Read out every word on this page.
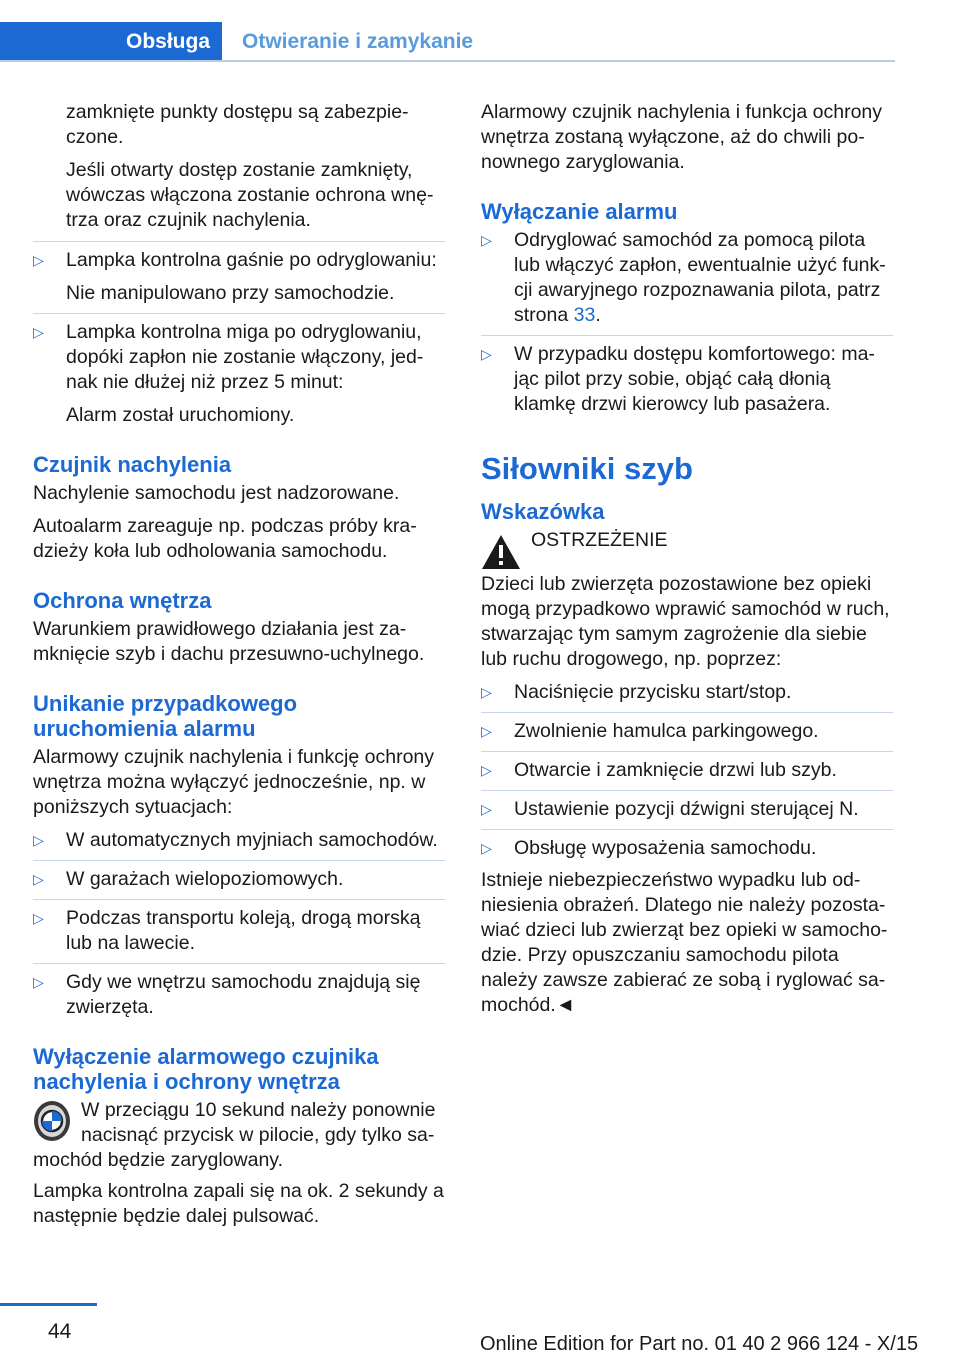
Obsługa	Otwieranie i zamykanie

zamknięte punkty dostępu są zabezpieczone.

Jeśli otwarty dostęp zostanie zamknięty, wówczas włączona zostanie ochrona wnętrza oraz czujnik nachylenia.

▷ Lampka kontrolna gaśnie po odryglowaniu:
Nie manipulowano przy samochodzie.
▷ Lampka kontrolna miga po odryglowaniu, dopóki zapłon nie zostanie włączony, jednak nie dłużej niż przez 5 minut:
Alarm został uruchomiony.
Czujnik nachylenia

Nachylenie samochodu jest nadzorowane.

Autoalarm zareaguje np. podczas próby kradzieży koła lub odholowania samochodu.

Ochrona wnętrza

Warunkiem prawidłowego działania jest zamknięcie szyb i dachu przesuwno-uchylnego.

Unikanie przypadkowego uruchomienia alarmu

Alarmowy czujnik nachylenia i funkcję ochrony wnętrza można wyłączyć jednocześnie, np. w poniższych sytuacjach:

▷ W automatycznych myjniach samochodów.
▷ W garażach wielopoziomowych.
▷ Podczas transportu koleją, drogą morską lub na lawecie.
▷ Gdy we wnętrzu samochodu znajdują się zwierzęta.
Wyłączenie alarmowego czujnika nachylenia i ochrony wnętrza
W przeciągu 10 sekund należy ponownie nacisnąć przycisk w pilocie, gdy tylko samochód będzie zaryglowany.

Lampka kontrolna zapali się na ok. 2 sekundy a następnie będzie dalej pulsować.

Alarmowy czujnik nachylenia i funkcja ochrony wnętrza zostaną wyłączone, aż do chwili ponownego zaryglowania.

Wyłączanie alarmu
▷ Odryglować samochód za pomocą pilota lub włączyć zapłon, ewentualnie użyć funkcji awaryjnego rozpoznawania pilota, patrz strona 33.
▷ W przypadku dostępu komfortowego: mając pilot przy sobie, objąć całą dłonią klamkę drzwi kierowcy lub pasażera.
Siłowniki szyb
Wskazówka
OSTRZEŻENIE

Dzieci lub zwierzęta pozostawione bez opieki mogą przypadkowo wprawić samochód w ruch, stwarzając tym samym zagrożenie dla siebie lub ruchu drogowego, np. poprzez:

▷ Naciśnięcie przycisku start/stop.
▷ Zwolnienie hamulca parkingowego.
▷ Otwarcie i zamknięcie drzwi lub szyb.
▷ Ustawienie pozycji dźwigni sterującej N.
▷ Obsługę wyposażenia samochodu.

Istnieje niebezpieczeństwo wypadku lub odniesienia obrażeń. Dlatego nie należy pozostawiać dzieci lub zwierząt bez opieki w samochodzie. Przy opuszczaniu samochodu pilota należy zawsze zabierać ze sobą i ryglować samochód.◄

44
Online Edition for Part no. 01 40 2 966 124 - X/15
